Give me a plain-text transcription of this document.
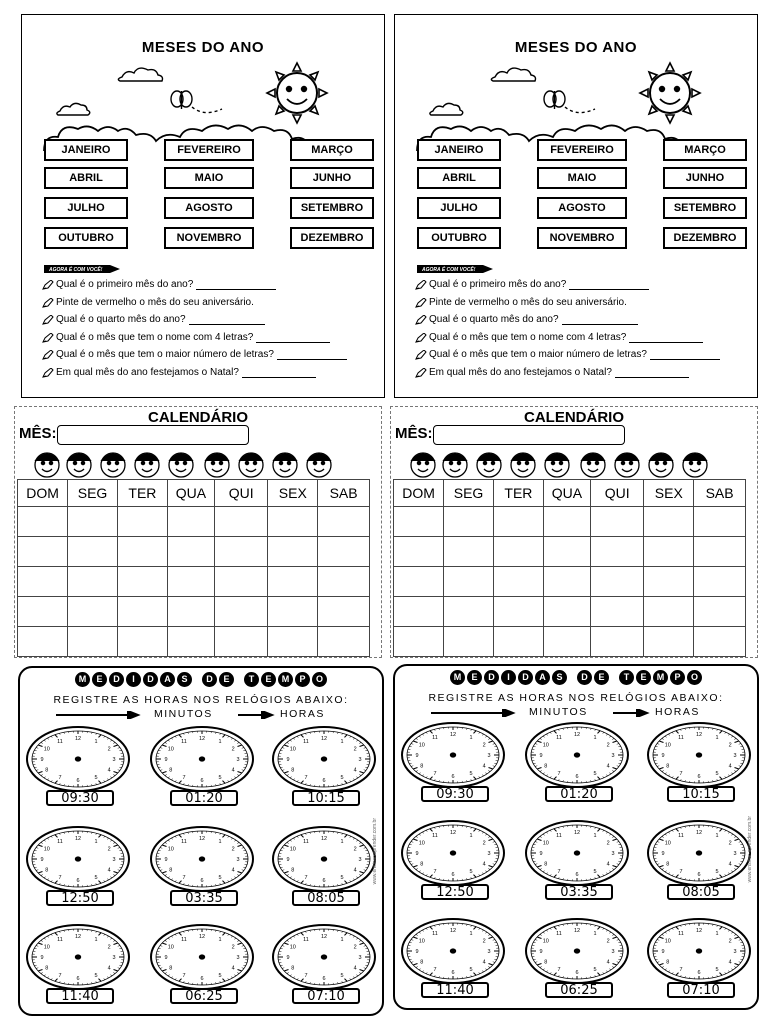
MESES DO ANO
JANEIRO	FEVEREIRO	MARÇO
ABRIL	MAIO	JUNHO
JULHO	AGOSTO	SETEMBRO
OUTUBRO	NOVEMBRO	DEZEMBRO
AGORA É COM VOCÊ!
Qual é o primeiro mês do ano?
Pinte de vermelho o mês do seu aniversário.
Qual é o quarto mês do ano?
Qual é o mês que tem o nome com 4 letras?
Qual é o mês que tem o maior número de letras?
Em qual mês do ano festejamos o Natal?
MESES DO ANO
JANEIRO	FEVEREIRO	MARÇO
ABRIL	MAIO	JUNHO
JULHO	AGOSTO	SETEMBRO
OUTUBRO	NOVEMBRO	DEZEMBRO
AGORA É COM VOCÊ!
Qual é o primeiro mês do ano?
Pinte de vermelho o mês do seu aniversário.
Qual é o quarto mês do ano?
Qual é o mês que tem o nome com 4 letras?
Qual é o mês que tem o maior número de letras?
Em qual mês do ano festejamos o Natal?
CALENDÁRIO
MÊS:
DOM	SEG	TER	QUA	QUI	SEX	SAB

CALENDÁRIO
MÊS:
DOM	SEG	TER	QUA	QUI	SEX	SAB

M	E	D	I	D	A	S	D	E	T	E	M	P	O
REGISTRE AS HORAS NOS RELÓGIOS ABAIXO:
MINUTOS	HORAS
1
2
3
4
5
6
7
8
9
10
11 12
09:30
1
2
3
4
5
6
7
8
9
10
11 12
01:20
1
2
3
4
5
6
7
8
9
10
11 12
10:15
1
2
3
4
5
6
7
8
9
10
11 12
12:50
1
2
3
4
5
6
7
8
9
10
11 12
03:35
1
2
3
4
5
6
7
8
9
10
11 12
08:05
1
2
3
4
5
6
7
8
9
10
11 12
11:40
1
2
3
4
5
6
7
8
9
10
11 12
06:25
1
2
3
4
5
6
7
8
9
10
11 12
07:10
www.ensinar-aprender.com.br
M	E	D	I	D	A	S	D	E	T	E	M	P	O
REGISTRE AS HORAS NOS RELÓGIOS ABAIXO:
MINUTOS	HORAS
1
2
3
4
5
6
7
8
9
10
11 12
09:30
1
2
3
4
5
6
7
8
9
10
11 12
01:20
1
2
3
4
5
6
7
8
9
10
11 12
10:15
1
2
3
4
5
6
7
8
9
10
11 12
12:50
1
2
3
4
5
6
7
8
9
10
11 12
03:35
1
2
3
4
5
6
7
8
9
10
11 12
08:05
1
2
3
4
5
6
7
8
9
10
11 12
11:40
1
2
3
4
5
6
7
8
9
10
11 12
06:25
1
2
3
4
5
6
7
8
9
10
11 12
07:10
www.ensinar-aprender.com.br
